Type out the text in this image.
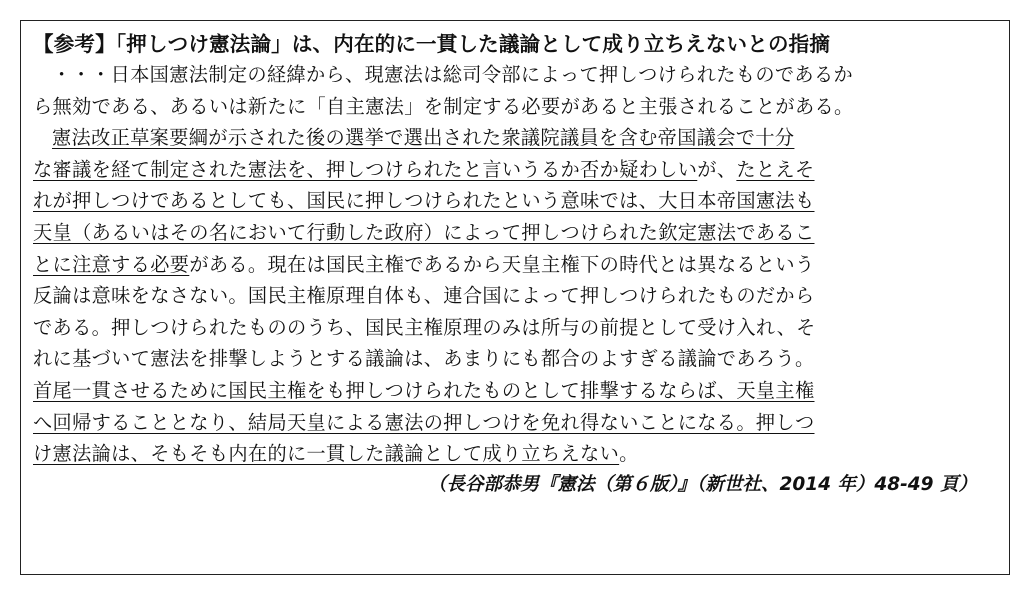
【参考】「押しつけ憲法論」は、内在的に一貫した議論として成り立ちえないとの指摘

・・・日本国憲法制定の経緯から、現憲法は総司令部によって押しつけられたものであるか
ら無効である、あるいは新たに「自主憲法」を制定する必要があると主張されることがある。
憲法改正草案要綱が示された後の選挙で選出された衆議院議員を含む帝国議会で十分
な審議を経て制定された憲法を、押しつけられたと言いうるか否か疑わしいが、たとえそ
れが押しつけであるとしても、国民に押しつけられたという意味では、大日本帝国憲法も
天皇（あるいはその名において行動した政府）によって押しつけられた欽定憲法であるこ
とに注意する必要がある。現在は国民主権であるから天皇主権下の時代とは異なるという
反論は意味をなさない。国民主権原理自体も、連合国によって押しつけられたものだから
である。押しつけられたもののうち、国民主権原理のみは所与の前提として受け入れ、そ
れに基づいて憲法を排撃しようとする議論は、あまりにも都合のよすぎる議論であろう。
首尾一貫させるために国民主権をも押しつけられたものとして排撃するならば、天皇主権
へ回帰することとなり、結局天皇による憲法の押しつけを免れ得ないことになる。押しつ
け憲法論は、そもそも内在的に一貫した議論として成り立ちえない。

（長谷部恭男『憲法（第６版）』（新世社、2014 年）48-49 頁）
